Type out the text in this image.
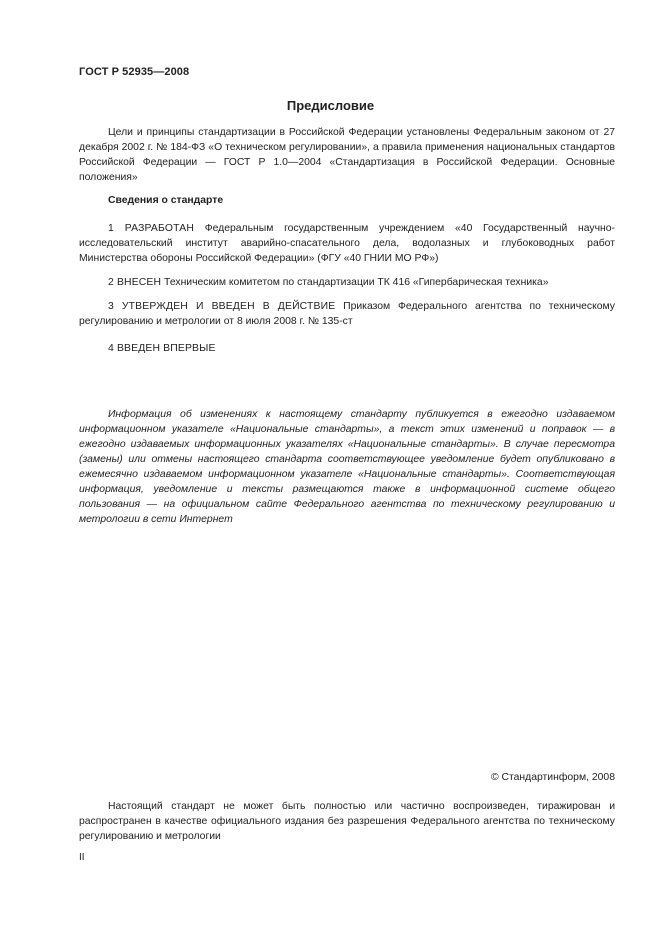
ГОСТ Р 52935—2008
Предисловие
Цели и принципы стандартизации в Российской Федерации установлены Федеральным законом от 27 декабря 2002 г. № 184-ФЗ «О техническом регулировании», а правила применения национальных стандартов Российской Федерации — ГОСТ Р 1.0—2004 «Стандартизация в Российской Федерации. Основные положения»
Сведения о стандарте
1 РАЗРАБОТАН Федеральным государственным учреждением «40 Государственный научно-исследовательский институт аварийно-спасательного дела, водолазных и глубоководных работ Министерства обороны Российской Федерации» (ФГУ «40 ГНИИ МО РФ»)
2 ВНЕСЕН Техническим комитетом по стандартизации ТК 416 «Гипербарическая техника»
3 УТВЕРЖДЕН И ВВЕДЕН В ДЕЙСТВИЕ Приказом Федерального агентства по техническому регулированию и метрологии от 8 июля 2008 г. № 135-ст
4 ВВЕДЕН ВПЕРВЫЕ
Информация об изменениях к настоящему стандарту публикуется в ежегодно издаваемом информационном указателе «Национальные стандарты», а текст этих изменений и поправок — в ежегодно издаваемых информационных указателях «Национальные стандарты». В случае пересмотра (замены) или отмены настоящего стандарта соответствующее уведомление будет опубликовано в ежемесячно издаваемом информационном указателе «Национальные стандарты». Соответствующая информация, уведомление и тексты размещаются также в информационной системе общего пользования — на официальном сайте Федерального агентства по техническому регулированию и метрологии в сети Интернет
© Стандартинформ, 2008
Настоящий стандарт не может быть полностью или частично воспроизведен, тиражирован и распространен в качестве официального издания без разрешения Федерального агентства по техническому регулированию и метрологии
II
